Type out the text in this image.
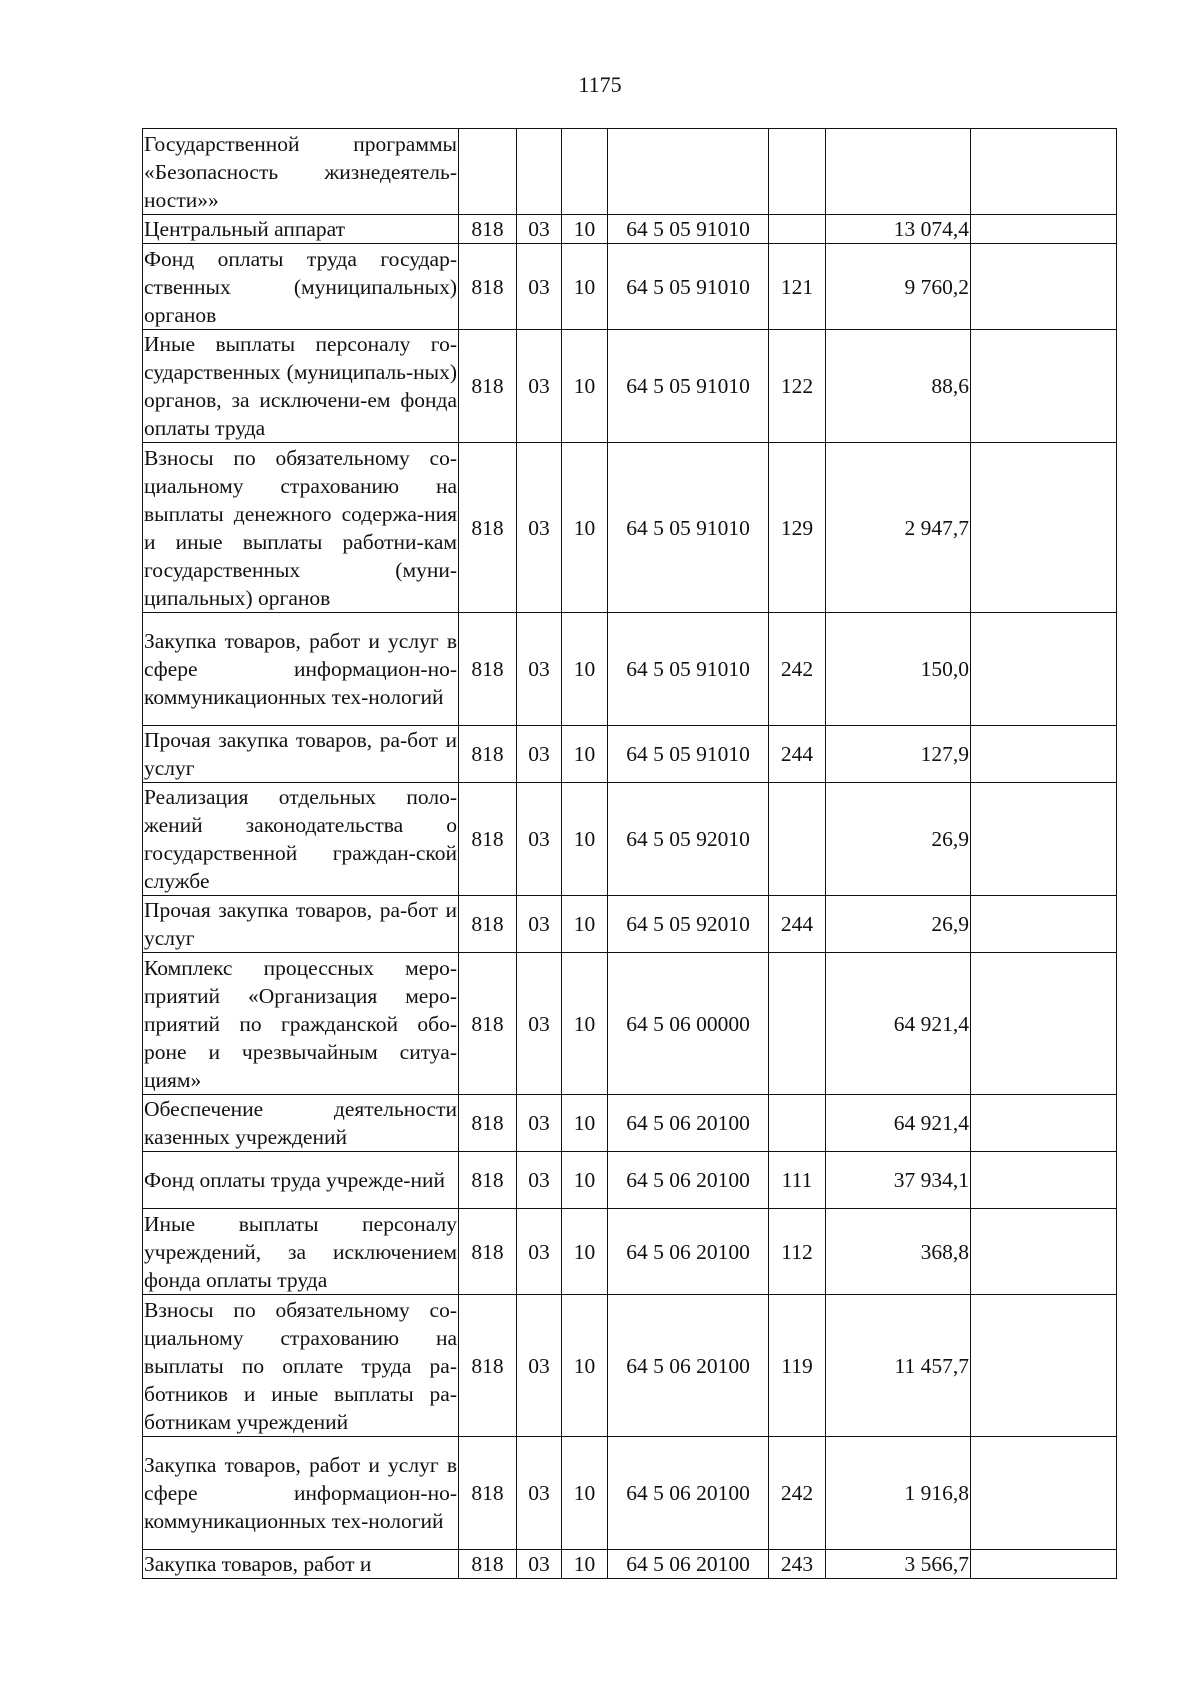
1175
Государственной программы «Безопасность жизнедеятель-ности»»							
Центральный аппарат	818	03	10	64 5 05 91010		13 074,4	
Фонд оплаты труда государ-ственных (муниципальных) органов	818	03	10	64 5 05 91010	121	9 760,2	
Иные выплаты персоналу го-сударственных (муниципаль-ных) органов, за исключени-ем фонда оплаты труда	818	03	10	64 5 05 91010	122	88,6	
Взносы по обязательному со-циальному страхованию на выплаты денежного содержа-ния и иные выплаты работни-кам государственных (муни-ципальных) органов	818	03	10	64 5 05 91010	129	2 947,7	
Закупка товаров, работ и услуг в сфере информацион-но-коммуникационных тех-нологий	818	03	10	64 5 05 91010	242	150,0	
Прочая закупка товаров, ра-бот и услуг	818	03	10	64 5 05 91010	244	127,9	
Реализация отдельных поло-жений законодательства о государственной граждан-ской службе	818	03	10	64 5 05 92010		26,9	
Прочая закупка товаров, ра-бот и услуг	818	03	10	64 5 05 92010	244	26,9	
Комплекс процессных меро-приятий «Организация меро-приятий по гражданской обо-роне и чрезвычайным ситуа-циям»	818	03	10	64 5 06 00000		64 921,4	
Обеспечение деятельности казенных учреждений	818	03	10	64 5 06 20100		64 921,4	
Фонд оплаты труда учрежде-ний	818	03	10	64 5 06 20100	111	37 934,1	
Иные выплаты персоналу учреждений, за исключением фонда оплаты труда	818	03	10	64 5 06 20100	112	368,8	
Взносы по обязательному со-циальному страхованию на выплаты по оплате труда ра-ботников и иные выплаты ра-ботникам учреждений	818	03	10	64 5 06 20100	119	11 457,7	
Закупка товаров, работ и услуг в сфере информацион-но-коммуникационных тех-нологий	818	03	10	64 5 06 20100	242	1 916,8	
Закупка товаров, работ и	818	03	10	64 5 06 20100	243	3 566,7	
